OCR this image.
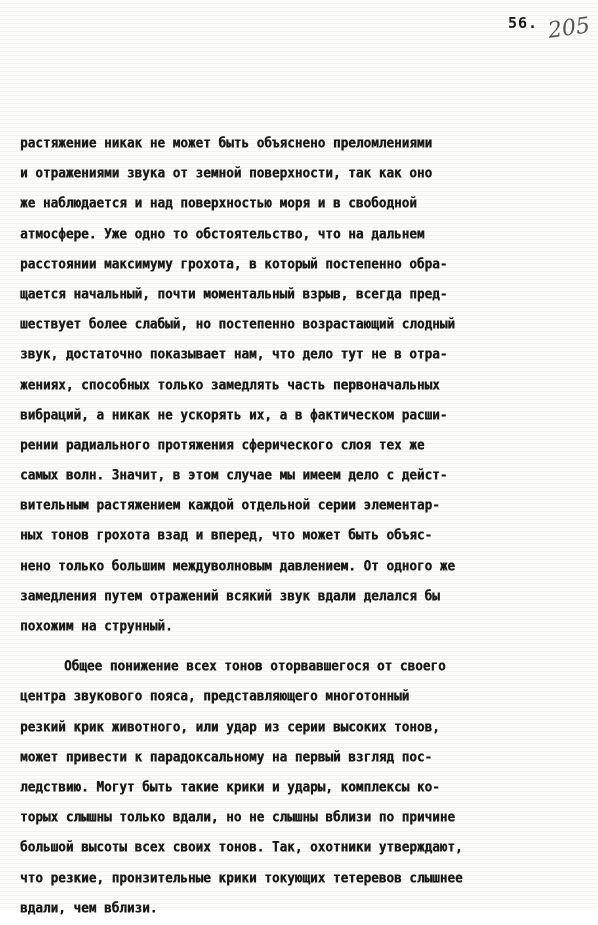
56. 205
растяжение никак не может быть объяснено преломлениями
и отражениями звука от земной поверхности, так как оно
же наблюдается и над поверхностью моря и в свободной
атмосфере. Уже одно то обстоятельство, что на дальнем
расстоянии максимуму грохота, в который постепенно обра-
щается начальный, почти моментальный взрыв, всегда пред-
шествует более слабый, но постепенно возрастающий слодный
звук, достаточно показывает нам, что дело тут не в отра-
жениях, способных только замедлять часть первоначальных
вибраций, а никак не ускорять их, а в фактическом расши-
рении радиального протяжения сферического слоя тех же
самых волн. Значит, в этом случае мы имеем дело с дейст-
вительным растяжением каждой отдельной серии элементар-
ных тонов грохота взад и вперед, что может быть объяс-
нено только большим междуволновым давлением. От одного же
замедления путем отражений всякий звук вдали делался бы
похожим на струнный.
Общее понижение всех тонов оторвавшегося от своего
центра звукового пояса, представляющего многотонный
резкий крик животного, или удар из серии высоких тонов,
может привести к парадоксальному на первый взгляд пос-
ледствию. Могут быть такие крики и удары, комплексы ко-
торых слышны только вдали, но не слышны вблизи по причине
большой высоты всех своих тонов. Так, охотники утверждают,
что резкие, пронзительные крики токующих тетеревов слышнее
вдали, чем вблизи.
